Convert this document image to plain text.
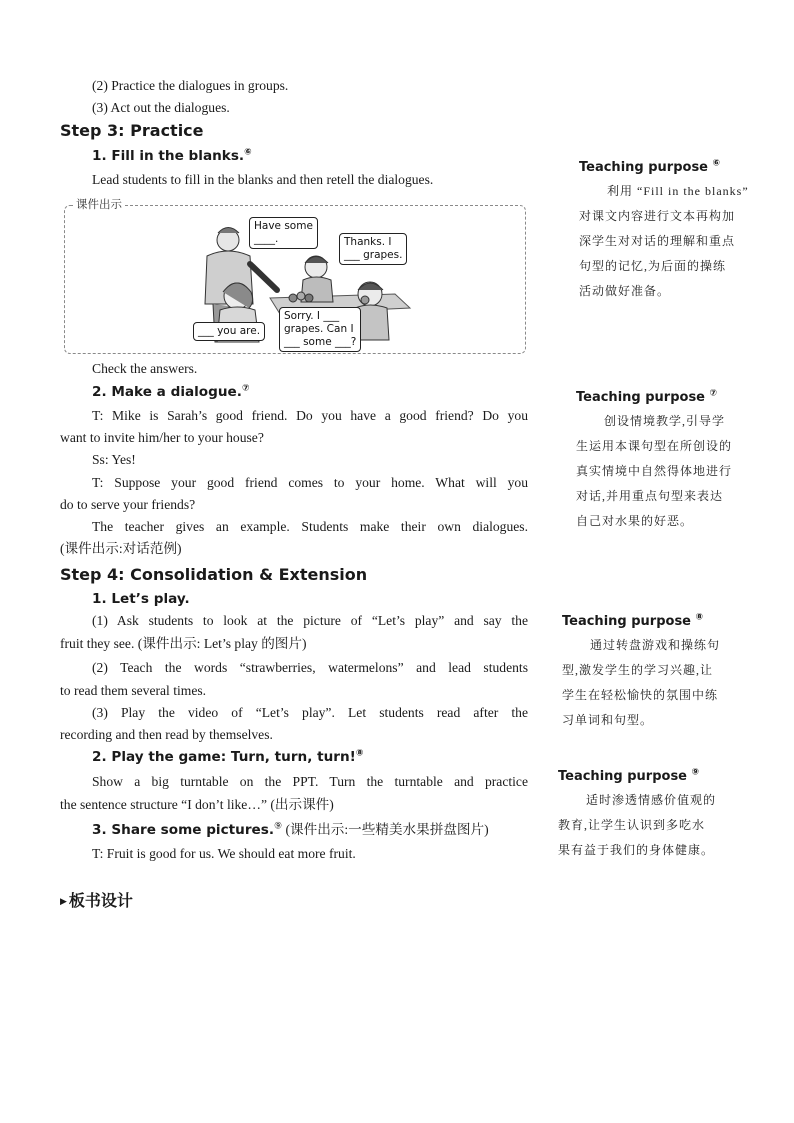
(2) Practice the dialogues in groups.
(3) Act out the dialogues.
Step 3: Practice
1. Fill in the blanks.⑥
Lead students to fill in the blanks and then retell the dialogues.
课件出示
Have some
____.	Thanks. I
___ grapes.
___ you are.
Sorry. I ___
grapes. Can I
___ some ___?
Check the answers.
2. Make a dialogue.⑦
T: Mike is Sarah’s good friend. Do you have a good friend? Do you
want to invite him/her to your house?
Ss: Yes!
T: Suppose your good friend comes to your home. What will you
do to serve your friends?
The teacher gives an example. Students make their own dialogues.
(课件出示:对话范例)
Step 4: Consolidation & Extension
1. Let’s play.
(1) Ask students to look at the picture of “Let’s play” and say the
fruit they see. (课件出示: Let’s play 的图片)
(2) Teach the words “strawberries, watermelons” and lead students
to read them several times.
(3) Play the video of “Let’s play”. Let students read after the
recording and then read by themselves.
2. Play the game: Turn, turn, turn!⑧
Show a big turntable on the PPT. Turn the turntable and practice
the sentence structure “I don’t like…” (出示课件)
3. Share some pictures.⑨ (课件出示:一些精美水果拼盘图片)
T: Fruit is good for us. We should eat more fruit.
Teaching purpose ⑥
利用 “Fill in the blanks”
对课文内容进行文本再构加
深学生对对话的理解和重点
句型的记忆,为后面的操练
活动做好准备。
Teaching purpose ⑦
创设情境教学,引导学
生运用本课句型在所创设的
真实情境中自然得体地进行
对话,并用重点句型来表达
自己对水果的好恶。
Teaching purpose ⑧
通过转盘游戏和操练句
型,激发学生的学习兴趣,让
学生在轻松愉快的氛围中练
习单词和句型。
Teaching purpose ⑨
适时渗透情感价值观的
教育,让学生认识到多吃水
果有益于我们的身体健康。
▶ 板书设计
